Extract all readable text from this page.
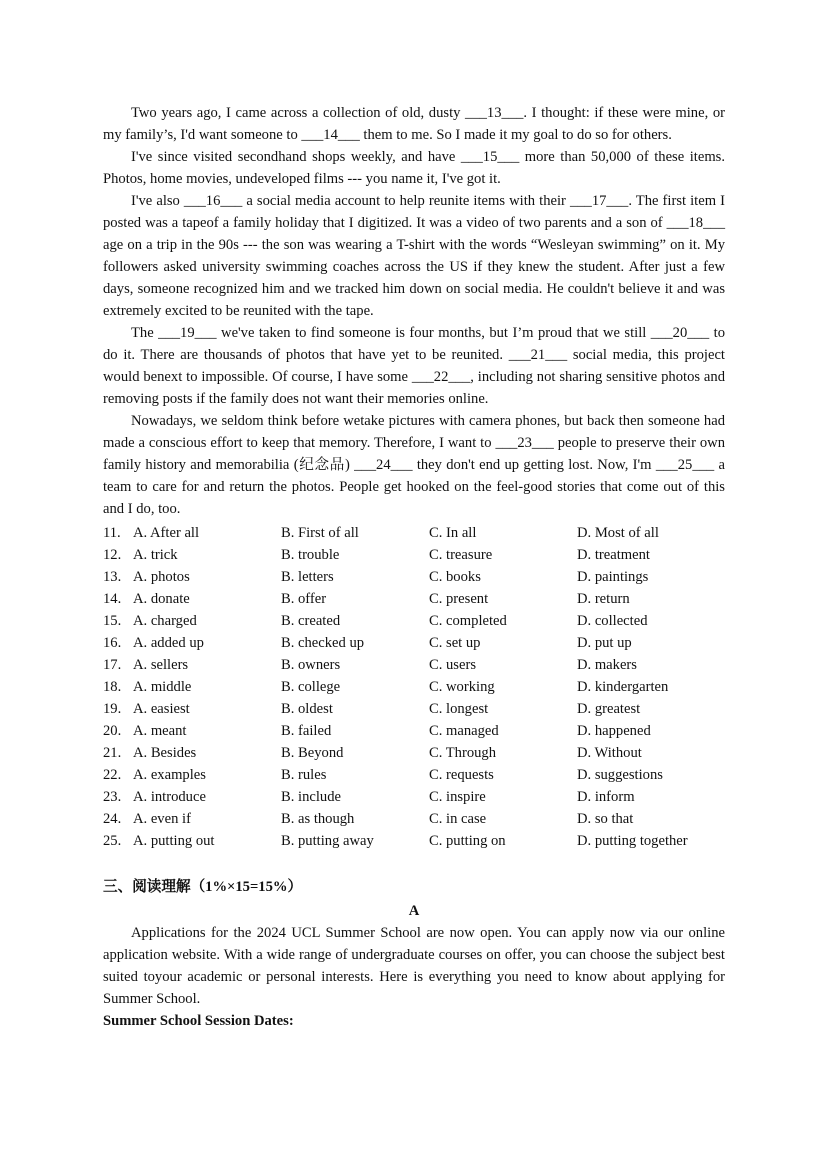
Two years ago, I came across a collection of old, dusty ___13___. I thought: if these were mine, or my family’s, I'd want someone to ___14___ them to me. So I made it my goal to do so for others.

I've since visited secondhand shops weekly, and have ___15___ more than 50,000 of these items. Photos, home movies, undeveloped films --- you name it, I've got it.

I've also ___16___ a social media account to help reunite items with their ___17___. The first item I posted was a tapeof a family holiday that I digitized. It was a video of two parents and a son of ___18___ age on a trip in the 90s --- the son was wearing a T-shirt with the words “Wesleyan swimming” on it. My followers asked university swimming coaches across the US if they knew the student. After just a few days, someone recognized him and we tracked him down on social media. He couldn't believe it and was extremely excited to be reunited with the tape.

The ___19___ we've taken to find someone is four months, but I’m proud that we still ___20___ to do it. There are thousands of photos that have yet to be reunited. ___21___ social media, this project would benext to impossible. Of course, I have some ___22___, including not sharing sensitive photos and removing posts if the family does not want their memories online.

Nowadays, we seldom think before wetake pictures with camera phones, but back then someone had made a conscious effort to keep that memory. Therefore, I want to ___23___ people to preserve their own family history and memorabilia (纪念品) ___24___ they don't end up getting lost. Now, I'm ___25___ a team to care for and return the photos. People get hooked on the feel-good stories that come out of this and I do, too.

11. A. After all	B. First of all	C. In all	D. Most of all
12. A. trick	B. trouble	C. treasure	D. treatment
13. A. photos	B. letters	C. books	D. paintings
14. A. donate	B. offer	C. present	D. return
15. A. charged	B. created	C. completed	D. collected
16. A. added up	B. checked up	C. set up	D. put up
17. A. sellers	B. owners	C. users	D. makers
18. A. middle	B. college	C. working	D. kindergarten
19. A. easiest	B. oldest	C. longest	D. greatest
20. A. meant	B. failed	C. managed	D. happened
21. A. Besides	B. Beyond	C. Through	D. Without
22. A. examples	B. rules	C. requests	D. suggestions
23. A. introduce	B. include	C. inspire	D. inform
24. A. even if	B. as though	C. in case	D. so that
25. A. putting out	B. putting away	C. putting on	D. putting together

三、阅读理解（1%×15=15%）

A

Applications for the 2024 UCL Summer School are now open. You can apply now via our online application website. With a wide range of undergraduate courses on offer, you can choose the subject best suited toyour academic or personal interests. Here is everything you need to know about applying for Summer School.

Summer School Session Dates:
